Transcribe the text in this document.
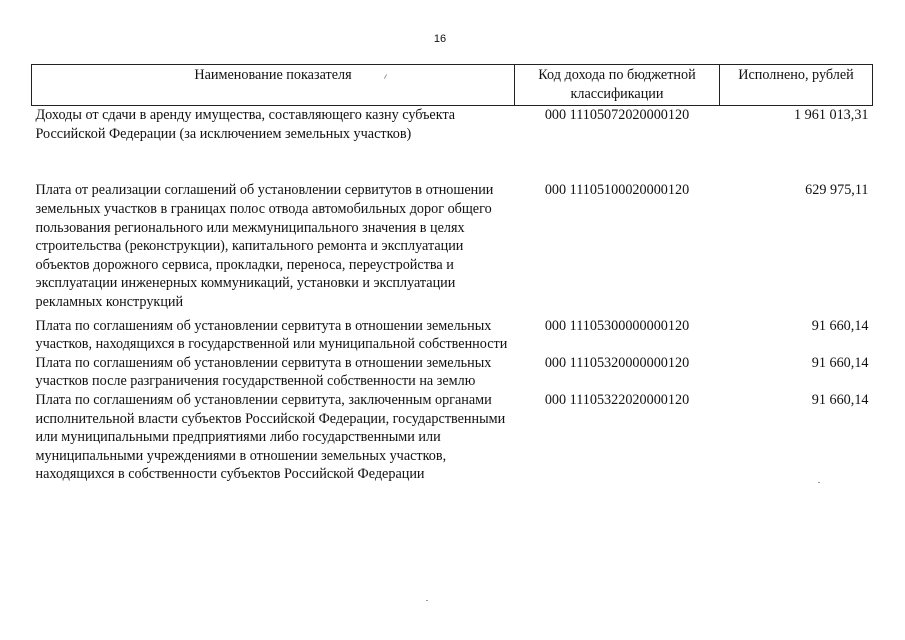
16
Наименование показателя	Код дохода по бюджетной классификации	Исполнено, рублей
Доходы от сдачи в аренду имущества, составляющего казну субъекта Российской Федерации (за исключением земельных участков)	000 11105072020000120	1 961 013,31
Плата от реализации соглашений об установлении сервитутов в отношении земельных участков в границах полос отвода автомобильных дорог общего пользования регионального или межмуниципального значения в целях строительства (реконструкции), капитального ремонта и эксплуатации объектов дорожного сервиса, прокладки, переноса, переустройства и эксплуатации инженерных коммуникаций, установки и эксплуатации рекламных конструкций	000 11105100020000120	629 975,11
Плата по соглашениям об установлении сервитута в отношении земельных участков, находящихся в государственной или муниципальной собственности	000 11105300000000120	91 660,14
Плата по соглашениям об установлении сервитута в отношении земельных участков после разграничения государственной собственности на землю	000 11105320000000120	91 660,14
Плата по соглашениям об установлении сервитута, заключенным органами исполнительной власти субъектов Российской Федерации, государственными или муниципальными предприятиями либо государственными или муниципальными учреждениями в отношении земельных участков, находящихся в собственности субъектов Российской Федерации	000 11105322020000120	91 660,14
